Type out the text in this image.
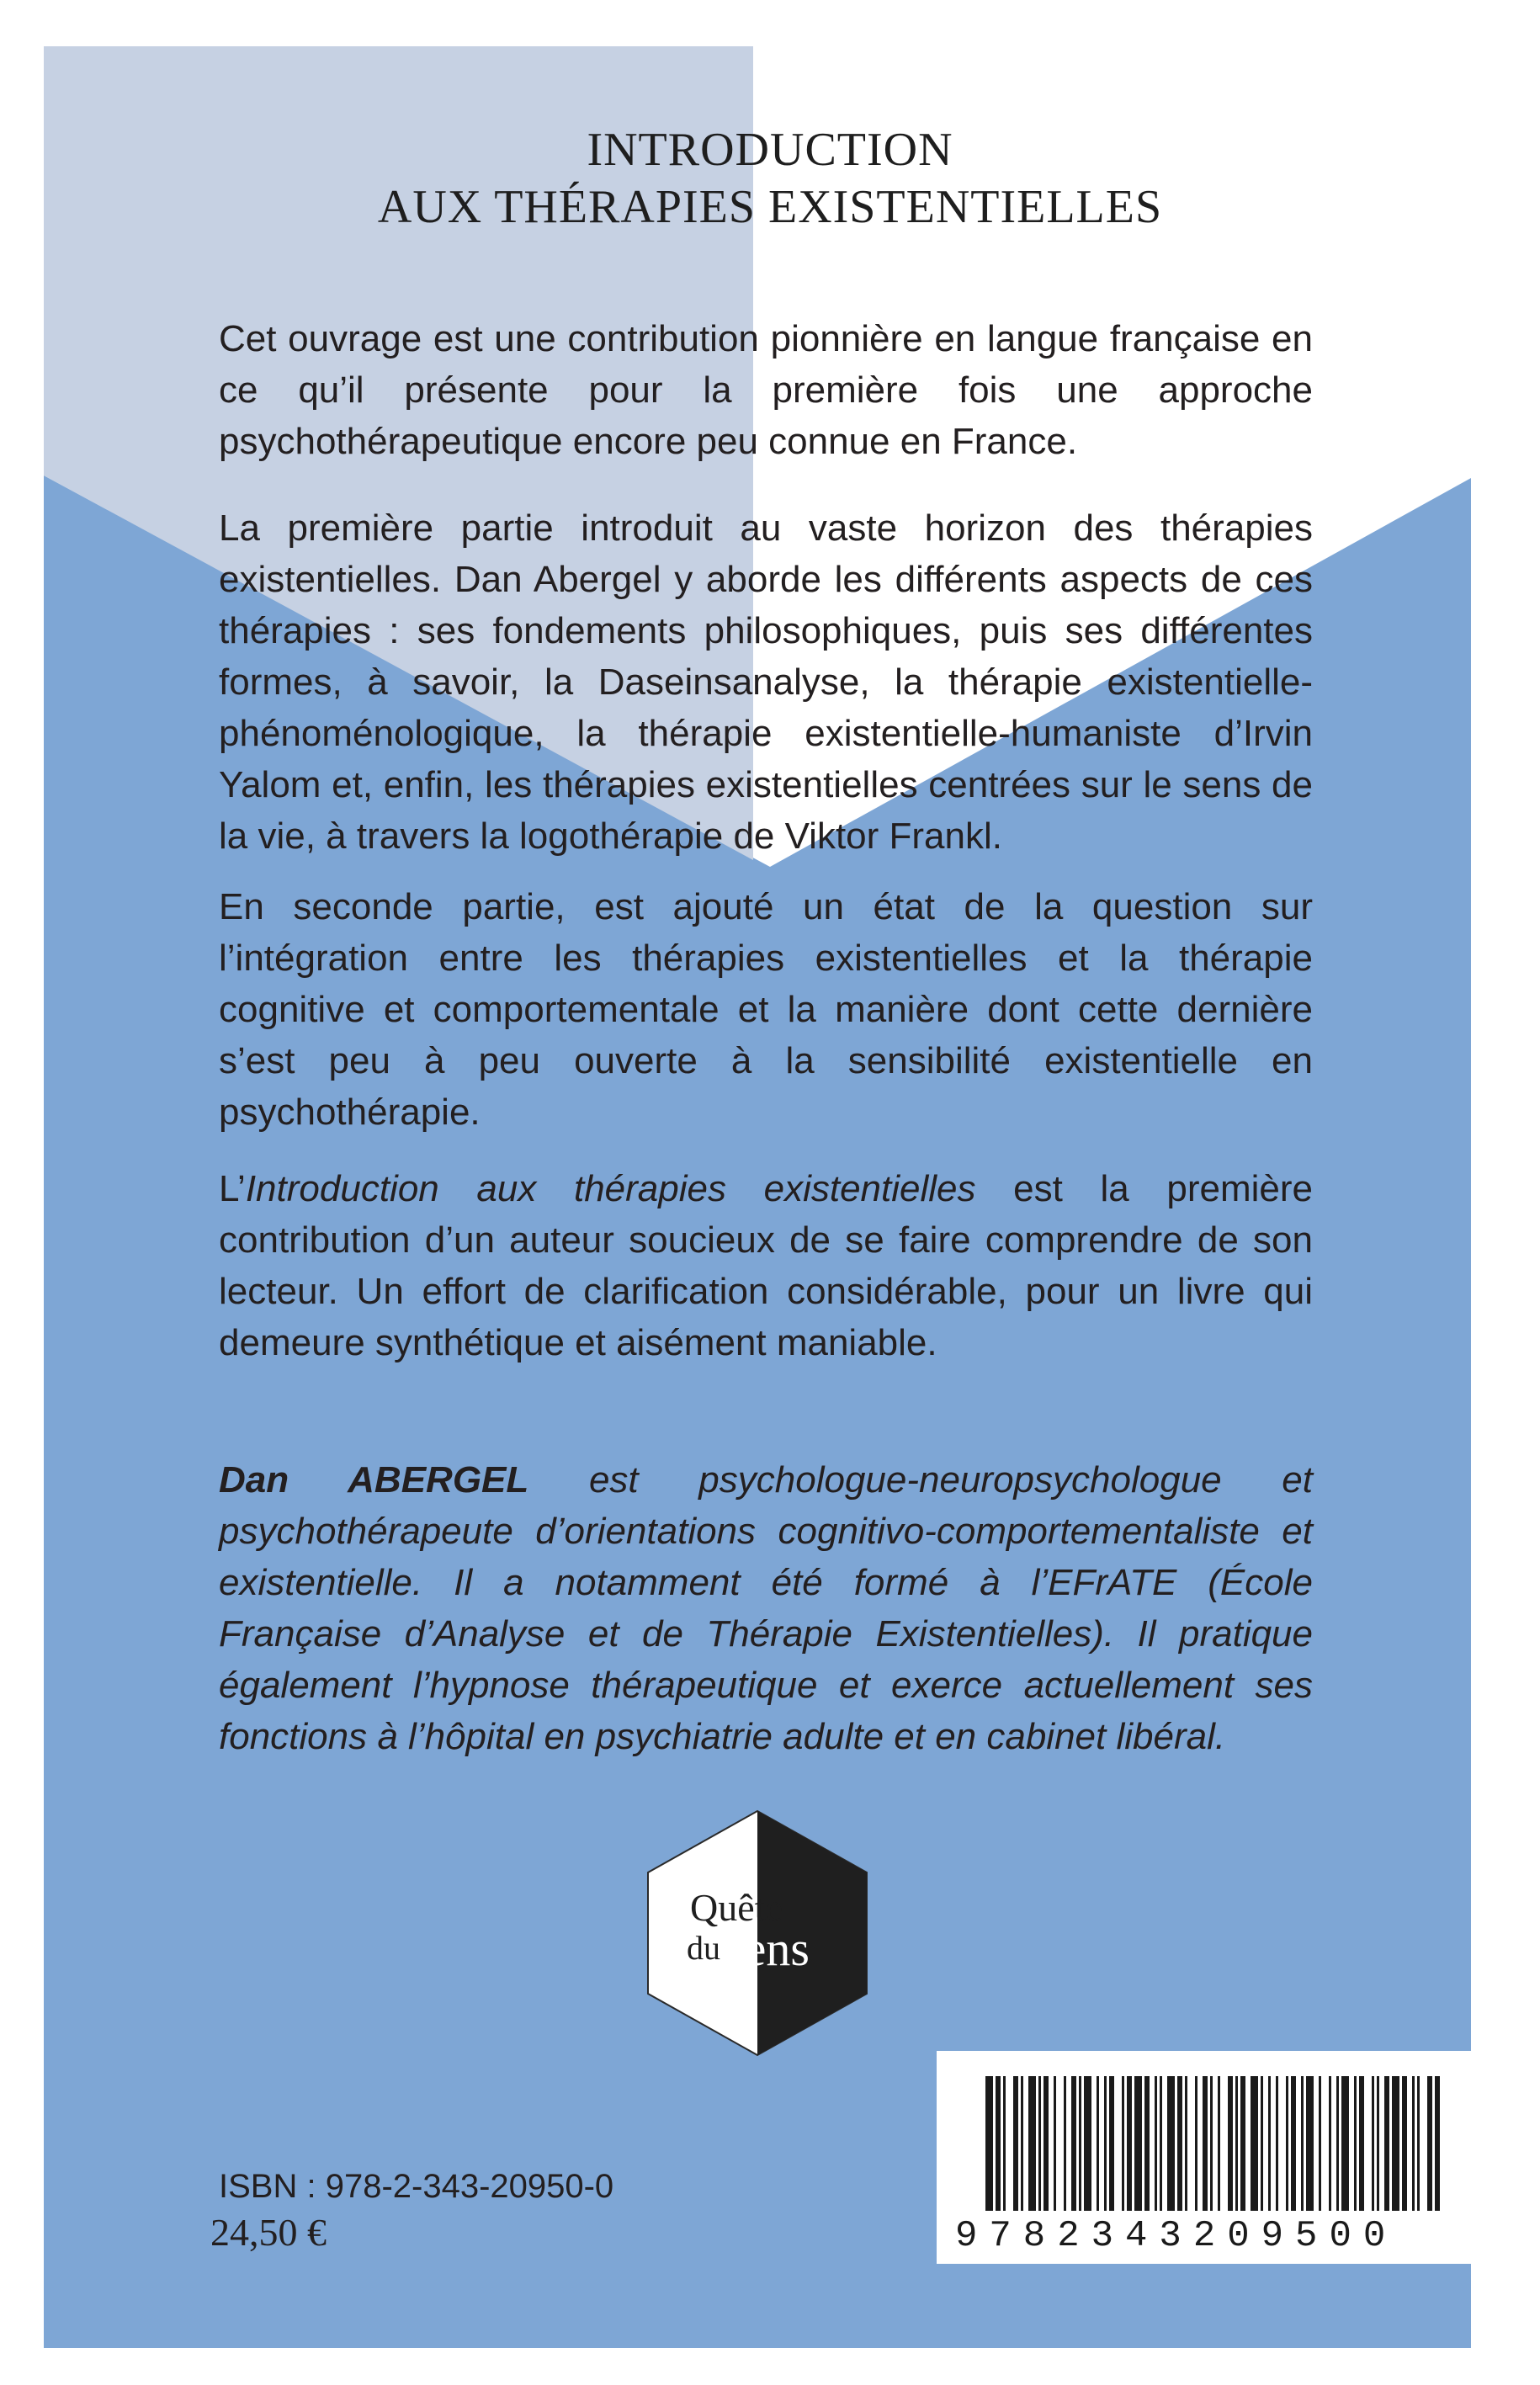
INTRODUCTION
AUX THÉRAPIES EXISTENTIELLES

Cet ouvrage est une contribution pionnière en langue française en ce qu’il présente pour la première fois une approche psychothérapeutique encore peu connue en France.

La première partie introduit au vaste horizon des thérapies existentielles. Dan Abergel y aborde les différents aspects de ces thérapies : ses fondements philosophiques, puis ses différentes formes, à savoir, la Daseinsanalyse, la thérapie existentielle-phénoménologique, la thérapie existentielle-humaniste d’Irvin Yalom et, enfin, les thérapies existentielles centrées sur le sens de la vie, à travers la logothérapie de Viktor Frankl.

En seconde partie, est ajouté un état de la question sur l’intégration entre les thérapies existentielles et la thérapie cognitive et comportementale et la manière dont cette dernière s’est peu à peu ouverte à la sensibilité existentielle en psychothérapie.

L’Introduction aux thérapies existentielles est la première contribution d’un auteur soucieux de se faire comprendre de son lecteur. Un effort de clarification considérable, pour un livre qui demeure synthétique et aisément maniable.

Dan ABERGEL est psychologue-neuropsychologue et psychothérapeute d’orientations cognitivo-comportementaliste et existentielle. Il a notamment été formé à l’EFrATE (École Française d’Analyse et de Thérapie Existentielles). Il pratique également l’hypnose thérapeutique et exerce actuellement ses fonctions à l’hôpital en psychiatrie adulte et en cabinet libéral.

Quête
du sens
9782343209500
ISBN : 978-2-343-20950-0
24,50 €
